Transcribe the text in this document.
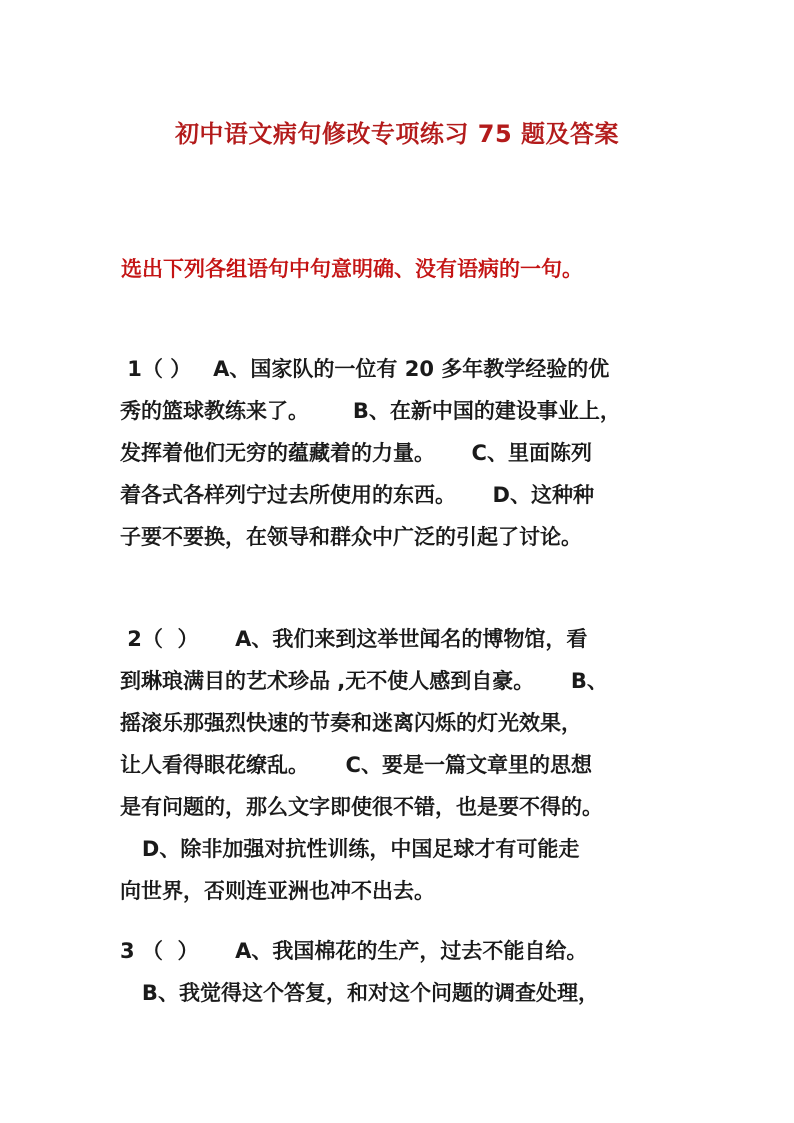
初中语文病句修改专项练习 75 题及答案
选出下列各组语句中句意明确、没有语病的一句。
1（ ）   A、国家队的一位有 20 多年教学经验的优
秀的篮球教练来了。      B、在新中国的建设事业上，
发挥着他们无穷的蕴藏着的力量。     C、里面陈列
着各式各样列宁过去所使用的东西。     D、这种种
子要不要换，在领导和群众中广泛的引起了讨论。
2（  ）     A、我们来到这举世闻名的博物馆，看
到琳琅满目的艺术珍品 ,无不使人感到自豪。     B、
摇滚乐那强烈快速的节奏和迷离闪烁的灯光效果，
让人看得眼花缭乱。     C、要是一篇文章里的思想
是有问题的，那么文字即使很不错，也是要不得的。
D、除非加强对抗性训练，中国足球才有可能走
向世界，否则连亚洲也冲不出去。
3 （  ）     A、我国棉花的生产，过去不能自给。
B、我觉得这个答复，和对这个问题的调查处理，
